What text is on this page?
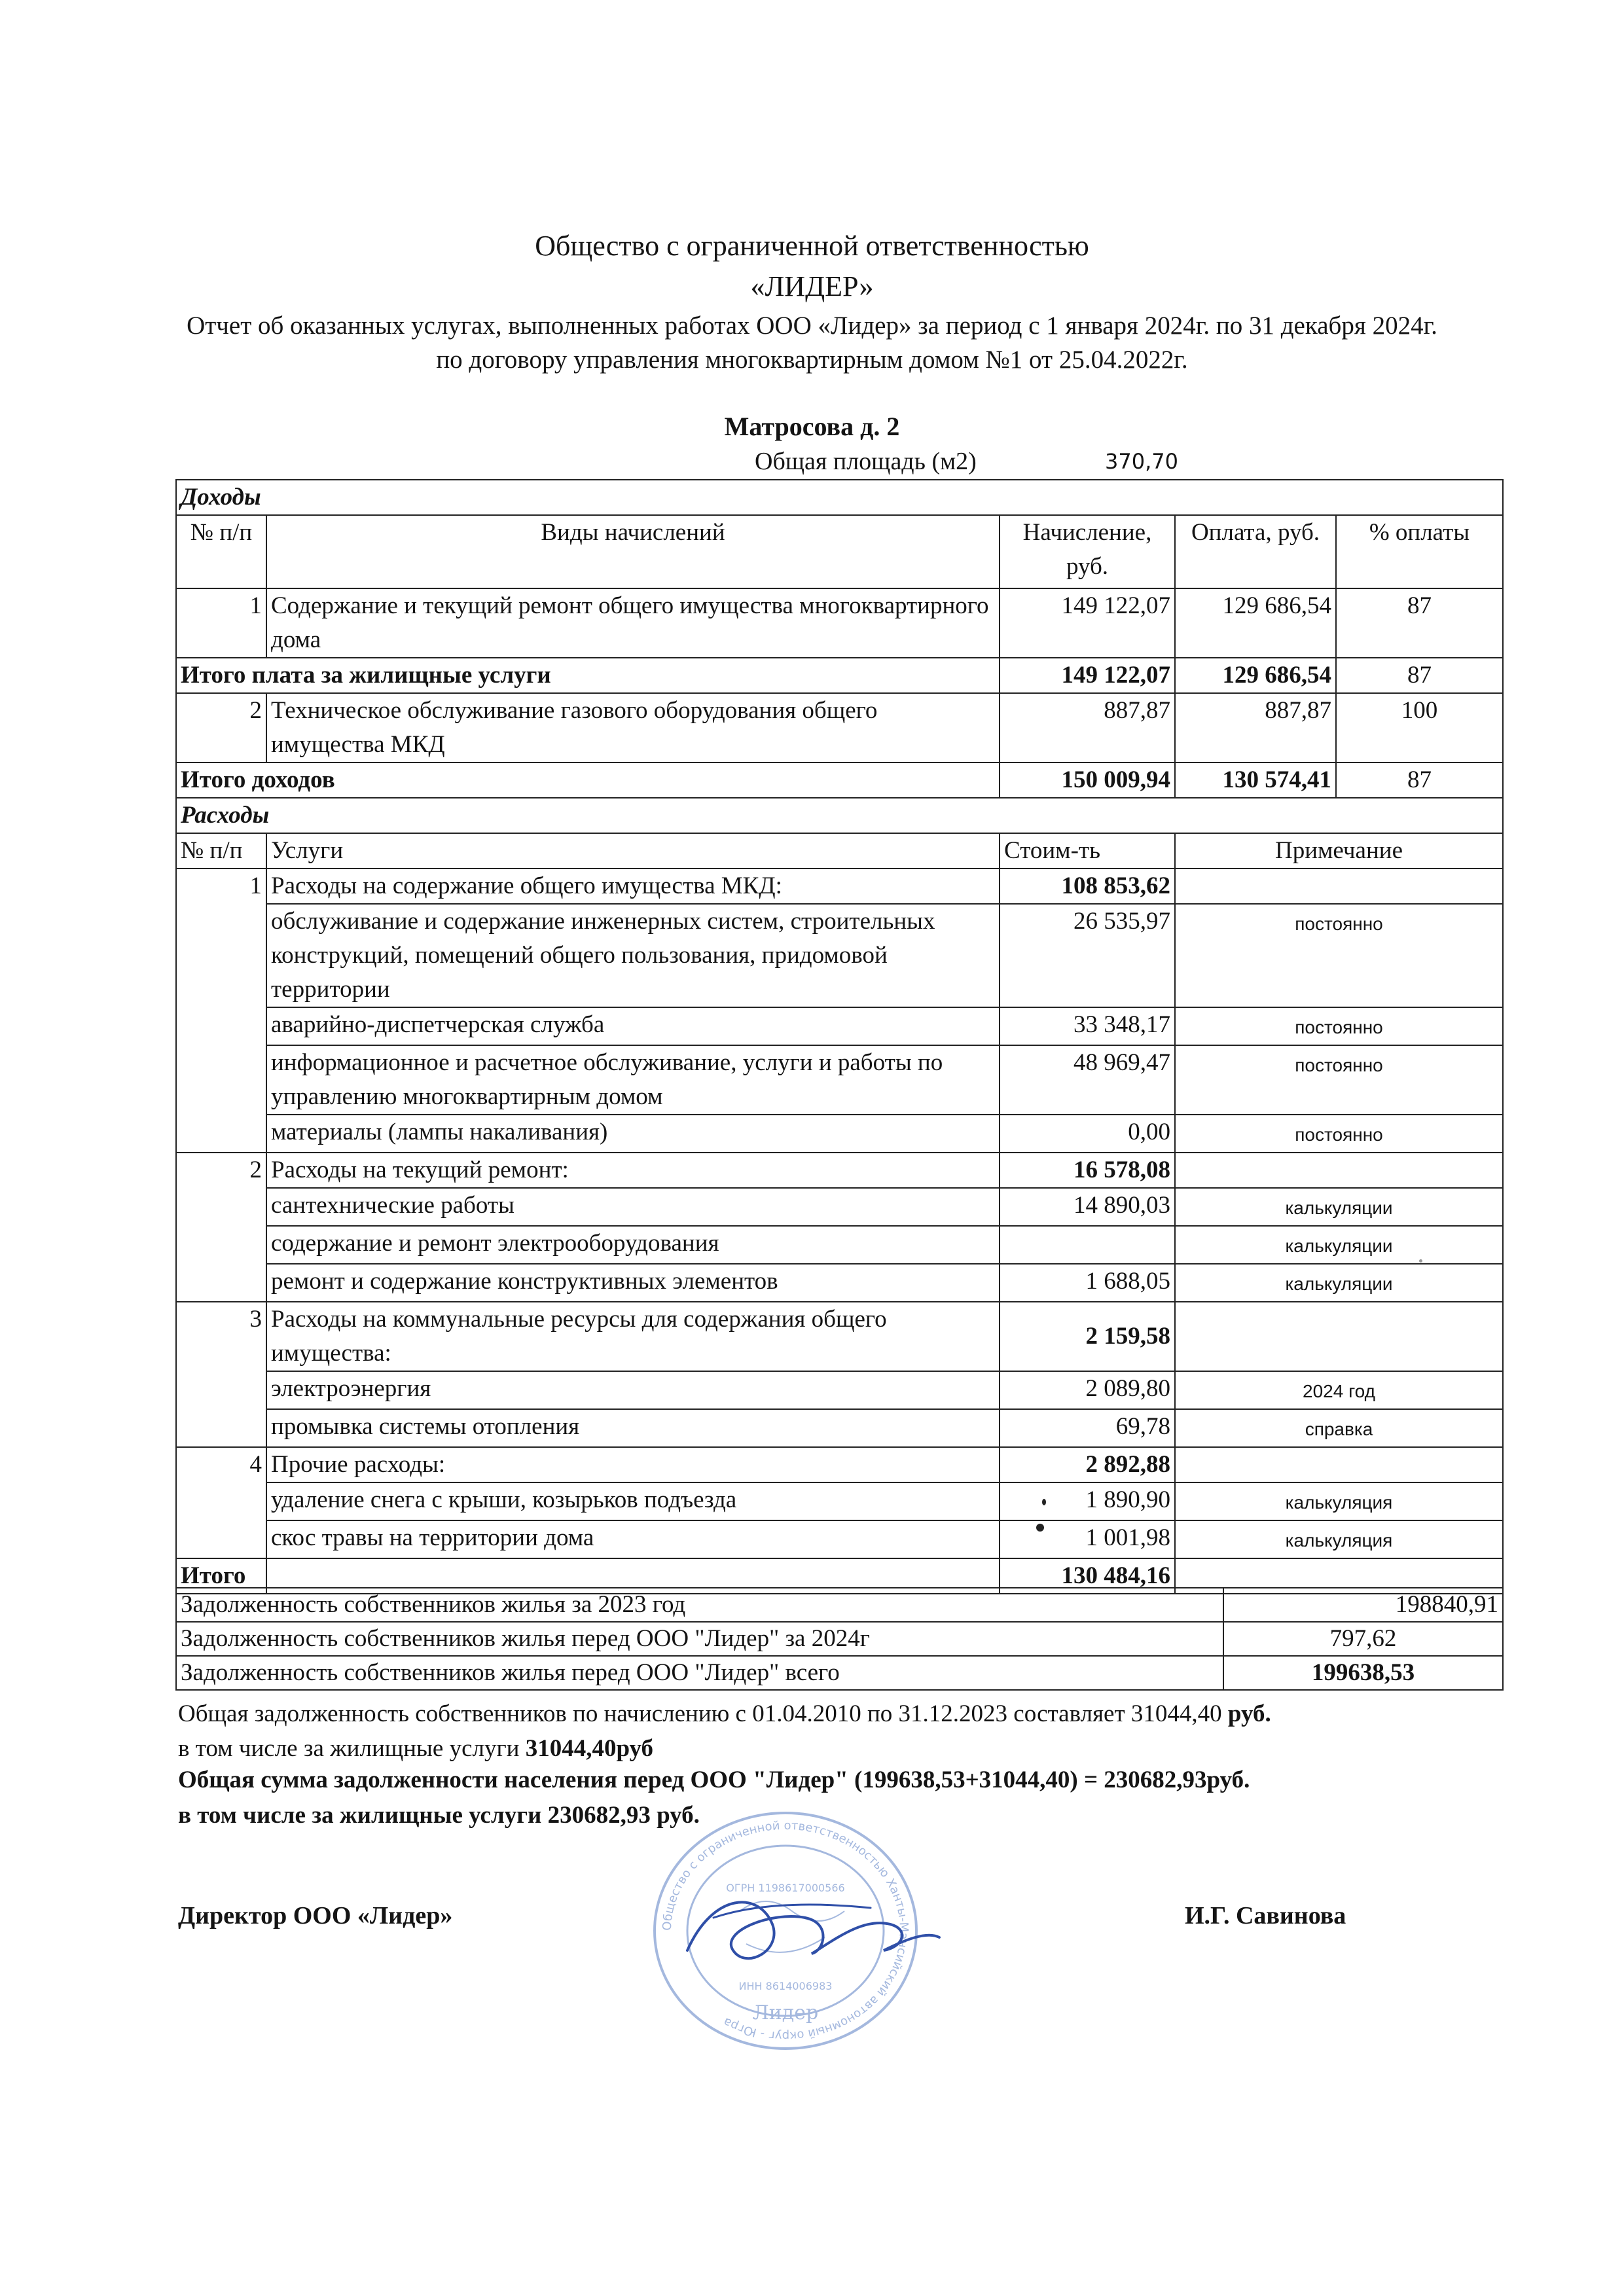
Общество с ограниченной ответственностью
«ЛИДЕР»
Отчет об оказанных услугах, выполненных работах ООО «Лидер» за период с 1 января 2024г. по 31 декабря 2024г.
по договору управления многоквартирным домом №1 от 25.04.2022г.
Матросова д. 2
Общая площадь (м2)	370,70
Доходы				
№ п/п	Виды начислений	Начисление, руб.	Оплата, руб.	% оплаты
1	Содержание и текущий ремонт общего имущества многоквартирного дома	149 122,07	129 686,54	87
Итого плата за жилищные услуги		149 122,07	129 686,54	87
2	Техническое обслуживание газового оборудования общего имущества МКД	887,87	887,87	100
Итого доходов		150 009,94	130 574,41	87
Расходы				
№ п/п	Услуги	Стоим-ть	Примечание	
1	Расходы на содержание общего имущества МКД:	108 853,62		
	обслуживание и содержание инженерных систем, строительных конструкций, помещений общего пользования, придомовой территории	26 535,97	постоянно	
	аварийно-диспетчерская служба	33 348,17	постоянно	
	информационное и расчетное обслуживание, услуги и работы по управлению многоквартирным домом	48 969,47	постоянно	
	материалы (лампы накаливания)	0,00	постоянно	
2	Расходы на текущий ремонт:	16 578,08		
	сантехнические работы	14 890,03	калькуляции	
	содержание и ремонт электрооборудования		калькуляции	
	ремонт и содержание конструктивных элементов	1 688,05	калькуляции	
3	Расходы на коммунальные ресурсы для содержания общего имущества:	2 159,58		
	электроэнергия	2 089,80	2024 год	
	промывка системы отопления	69,78	справка	
4	Прочие расходы:	2 892,88		
	удаление снега с крыши, козырьков подъезда	1 890,90	калькуляция	
	скос травы на территории дома	1 001,98	калькуляция	
Итого		130 484,16		
Задолженность собственников жилья за 2023 год	198840,91
Задолженность собственников жилья перед ООО "Лидер" за 2024г	797,62
Задолженность собственников жилья перед ООО "Лидер" всего	199638,53
Общая задолженность собственников по начислению с 01.04.2010 по 31.12.2023 составляет 31044,40 руб.
в том числе за жилищные услуги 31044,40руб
Общая сумма задолженности населения перед ООО "Лидер" (199638,53+31044,40) = 230682,93руб.
в том числе за жилищные услуги 230682,93 руб.
Директор ООО «Лидер»	И.Г. Савинова
Общество с ограниченной ответственностью Ханты-Мансийский автономный округ - Югра
ОГРН 1198617000566
ИНН 8614006983
Лидер
